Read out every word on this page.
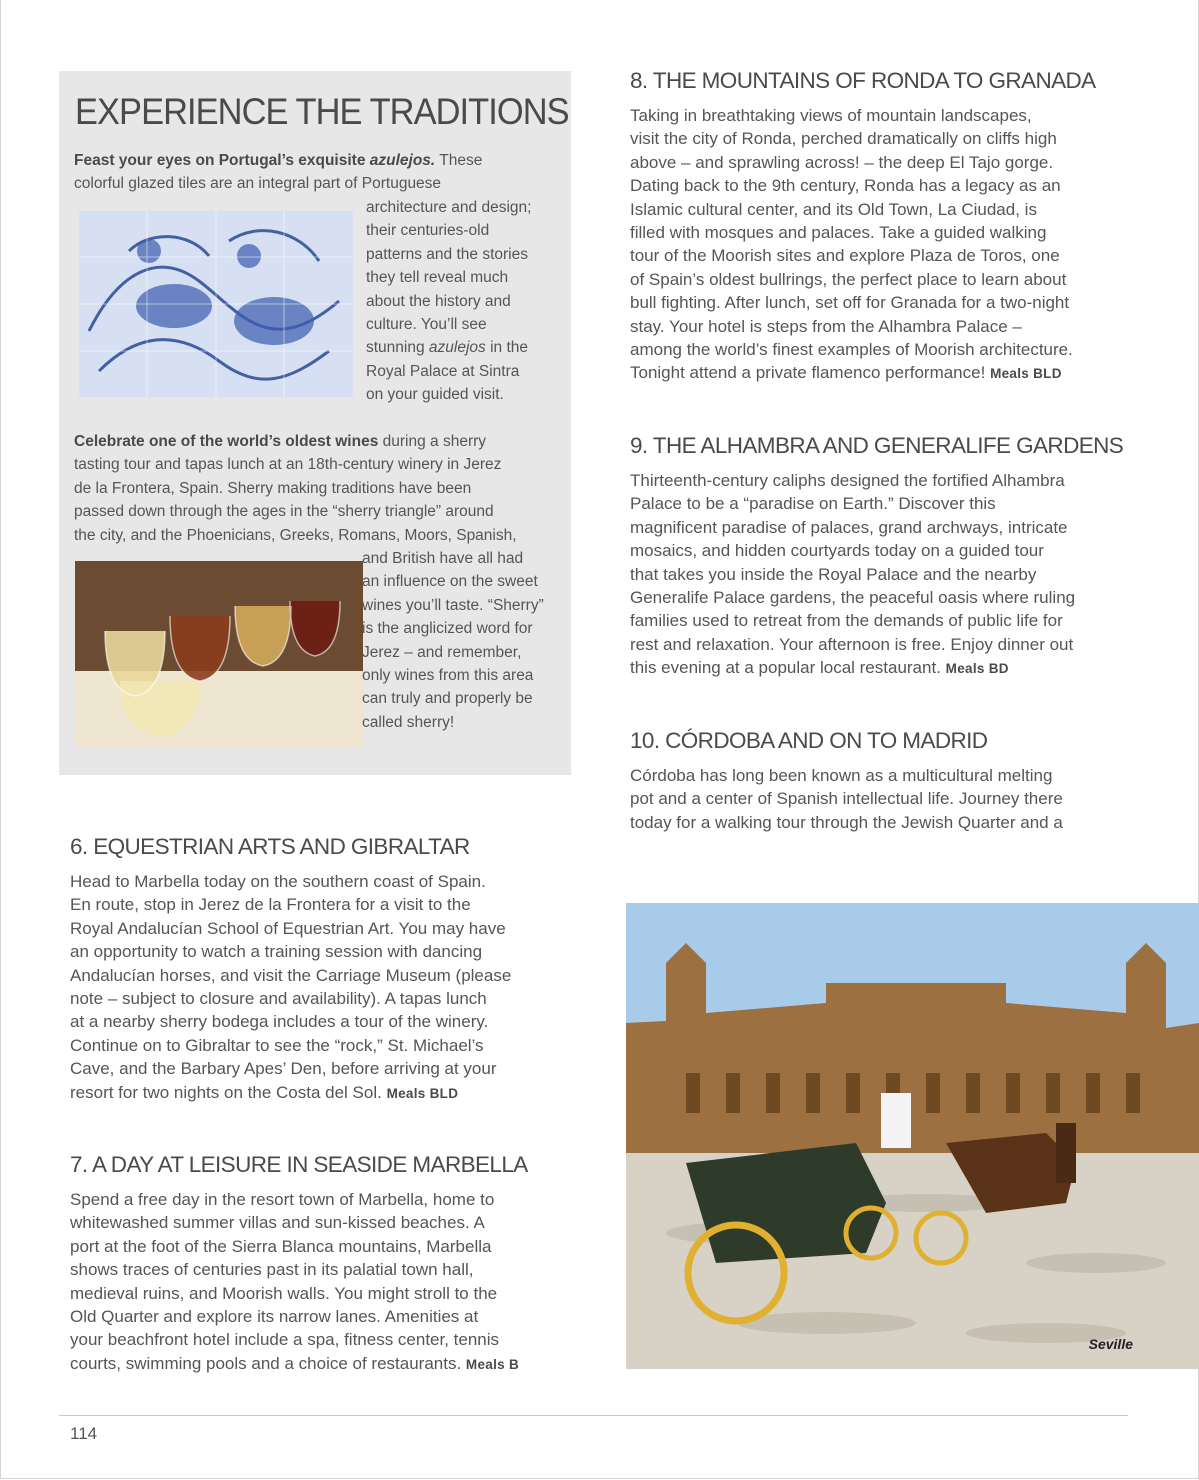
EXPERIENCE THE TRADITIONS

Feast your eyes on Portugal’s exquisite azulejos. These
colorful glazed tiles are an integral part of Portuguese

architecture and design;
their centuries-old
patterns and the stories
they tell reveal much
about the history and
culture. You’ll see
stunning azulejos in the
Royal Palace at Sintra
on your guided visit.

Celebrate one of the world’s oldest wines during a sherry
tasting tour and tapas lunch at an 18th-century winery in Jerez
de la Frontera, Spain. Sherry making traditions have been
passed down through the ages in the “sherry triangle” around
the city, and the Phoenicians, Greeks, Romans, Moors, Spanish,

and British have all had
an influence on the sweet
wines you’ll taste. “Sherry”
is the anglicized word for
Jerez – and remember,
only wines from this area
can truly and properly be
called sherry!

6. EQUESTRIAN ARTS AND GIBRALTAR

Head to Marbella today on the southern coast of Spain.
En route, stop in Jerez de la Frontera for a visit to the
Royal Andalucían School of Equestrian Art. You may have
an opportunity to watch a training session with dancing
Andalucían horses, and visit the Carriage Museum (please
note – subject to closure and availability). A tapas lunch
at a nearby sherry bodega includes a tour of the winery.
Continue on to Gibraltar to see the “rock,” St. Michael’s
Cave, and the Barbary Apes’ Den, before arriving at your
resort for two nights on the Costa del Sol. Meals BLD

7. A DAY AT LEISURE IN SEASIDE MARBELLA

Spend a free day in the resort town of Marbella, home to
whitewashed summer villas and sun-kissed beaches. A
port at the foot of the Sierra Blanca mountains, Marbella
shows traces of centuries past in its palatial town hall,
medieval ruins, and Moorish walls. You might stroll to the
Old Quarter and explore its narrow lanes. Amenities at
your beachfront hotel include a spa, fitness center, tennis
courts, swimming pools and a choice of restaurants. Meals B

8. THE MOUNTAINS OF RONDA TO GRANADA

Taking in breathtaking views of mountain landscapes,
visit the city of Ronda, perched dramatically on cliffs high
above – and sprawling across! – the deep El Tajo gorge.
Dating back to the 9th century, Ronda has a legacy as an
Islamic cultural center, and its Old Town, La Ciudad, is
filled with mosques and palaces. Take a guided walking
tour of the Moorish sites and explore Plaza de Toros, one
of Spain’s oldest bullrings, the perfect place to learn about
bull fighting. After lunch, set off for Granada for a two-night
stay. Your hotel is steps from the Alhambra Palace –
among the world’s finest examples of Moorish architecture.
Tonight attend a private flamenco performance! Meals BLD

9. THE ALHAMBRA AND GENERALIFE GARDENS

Thirteenth-century caliphs designed the fortified Alhambra
Palace to be a “paradise on Earth.” Discover this
magnificent paradise of palaces, grand archways, intricate
mosaics, and hidden courtyards today on a guided tour
that takes you inside the Royal Palace and the nearby
Generalife Palace gardens, the peaceful oasis where ruling
families used to retreat from the demands of public life for
rest and relaxation. Your afternoon is free. Enjoy dinner out
this evening at a popular local restaurant. Meals BD

10. CÓRDOBA AND ON TO MADRID

Córdoba has long been known as a multicultural melting
pot and a center of Spanish intellectual life. Journey there
today for a walking tour through the Jewish Quarter and a

Seville
114
